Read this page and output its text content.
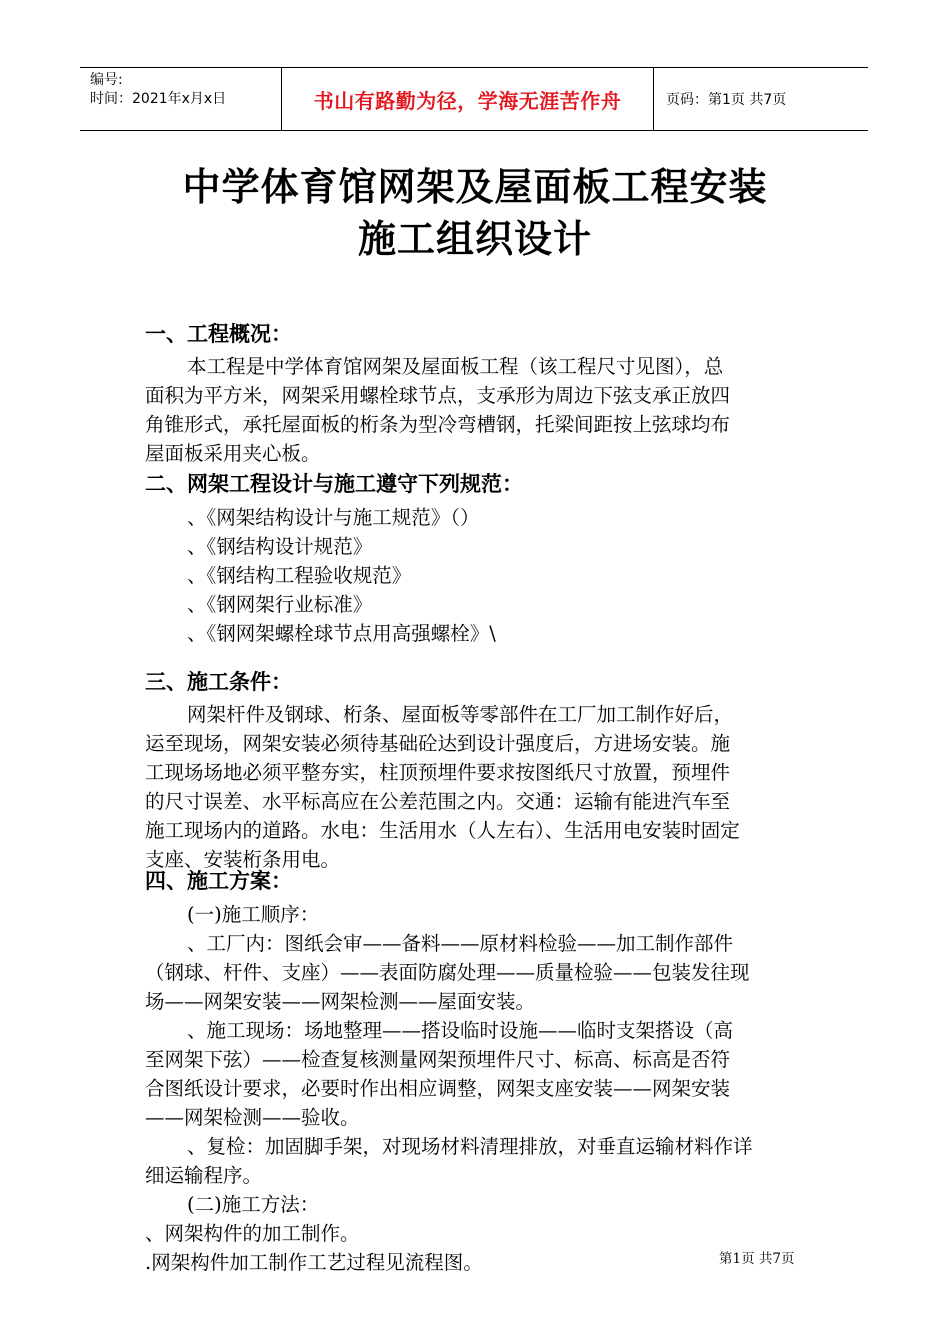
编号:
时间：2021年x月x日	书山有路勤为径，学海无涯苦作舟	页码：第1页 共7页
中学体育馆网架及屋面板工程安装
施工组织设计
一、工程概况：
本工程是中学体育馆网架及屋面板工程（该工程尺寸见图），总
面积为平方米，网架采用螺栓球节点，支承形为周边下弦支承正放四
角锥形式，承托屋面板的桁条为型冷弯槽钢，托梁间距按上弦球均布
屋面板采用夹心板。
二、网架工程设计与施工遵守下列规范：
、《网架结构设计与施工规范》（）
、《钢结构设计规范》
、《钢结构工程验收规范》
、《钢网架行业标准》
、《钢网架螺栓球节点用高强螺栓》\
三、施工条件：
网架杆件及钢球、桁条、屋面板等零部件在工厂加工制作好后，
运至现场，网架安装必须待基础砼达到设计强度后，方进场安装。施
工现场场地必须平整夯实，柱顶预埋件要求按图纸尺寸放置，预埋件
的尺寸误差、水平标高应在公差范围之内。交通：运输有能进汽车至
施工现场内的道路。水电：生活用水（人左右）、生活用电安装时固定
支座、安装桁条用电。
四、施工方案：
(一)施工顺序：
、工厂内：图纸会审——备料——原材料检验——加工制作部件
（钢球、杆件、支座）——表面防腐处理——质量检验——包装发往现
场——网架安装——网架检测——屋面安装。
、施工现场：场地整理——搭设临时设施——临时支架搭设（高
至网架下弦）——检查复核测量网架预埋件尺寸、标高、标高是否符
合图纸设计要求，必要时作出相应调整，网架支座安装——网架安装
——网架检测——验收。
、复检：加固脚手架，对现场材料清理排放，对垂直运输材料作详
细运输程序。
(二)施工方法：
、网架构件的加工制作。
.网架构件加工制作工艺过程见流程图。	第1页 共7页
